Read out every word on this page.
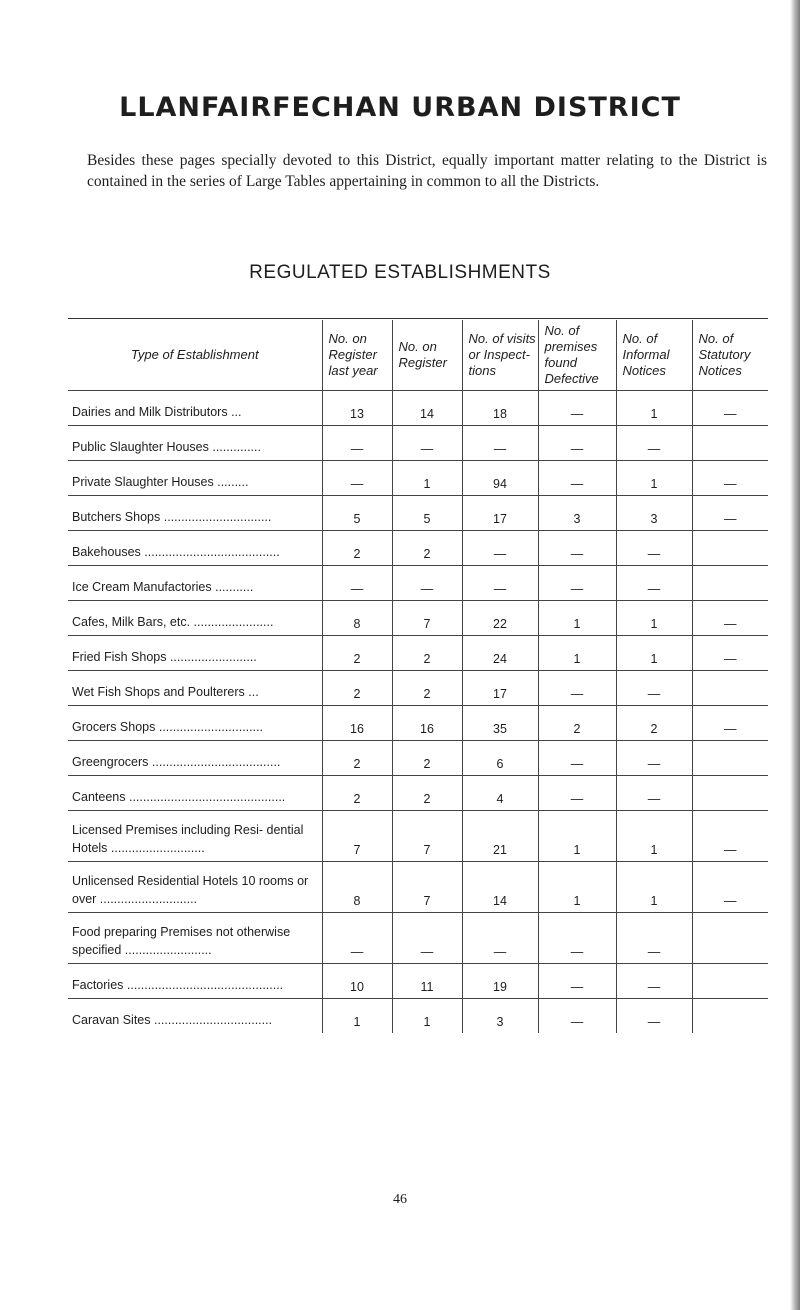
LLANFAIRFECHAN URBAN DISTRICT
Besides these pages specially devoted to this District, equally important matter relating to the District is contained in the series of Large Tables appertaining in common to all the Districts.
REGULATED ESTABLISHMENTS
Type of Establishment	No. on Register last year	No. on Register	No. of visits or Inspect- tions	No. of premises found Defective	No. of Informal Notices	No. of Statutory Notices
Dairies and Milk Distributors ...	13	14	18	—	1	—
Public Slaughter Houses ..............	—	—	—	—	—	
Private Slaughter Houses .........	—	1	94	—	1	—
Butchers Shops ...............................	5	5	17	3	3	—
Bakehouses .......................................	2	2	—	—	—	
Ice Cream Manufactories ...........	—	—	—	—	—	
Cafes, Milk Bars, etc. .......................	8	7	22	1	1	—
Fried Fish Shops .........................	2	2	24	1	1	—
Wet Fish Shops and Poulterers ...	2	2	17	—	—	
Grocers Shops ..............................	16	16	35	2	2	—
Greengrocers .....................................	2	2	6	—	—	
Canteens .............................................	2	2	4	—	—	
Licensed Premises including Resi- dential Hotels ...........................	7	7	21	1	1	—
Unlicensed Residential Hotels 10 rooms or over ............................	8	7	14	1	1	—
Food preparing Premises not otherwise specified .........................	—	—	—	—	—	
Factories .............................................	10	11	19	—	—	
Caravan Sites ..................................	1	1	3	—	—	
46
